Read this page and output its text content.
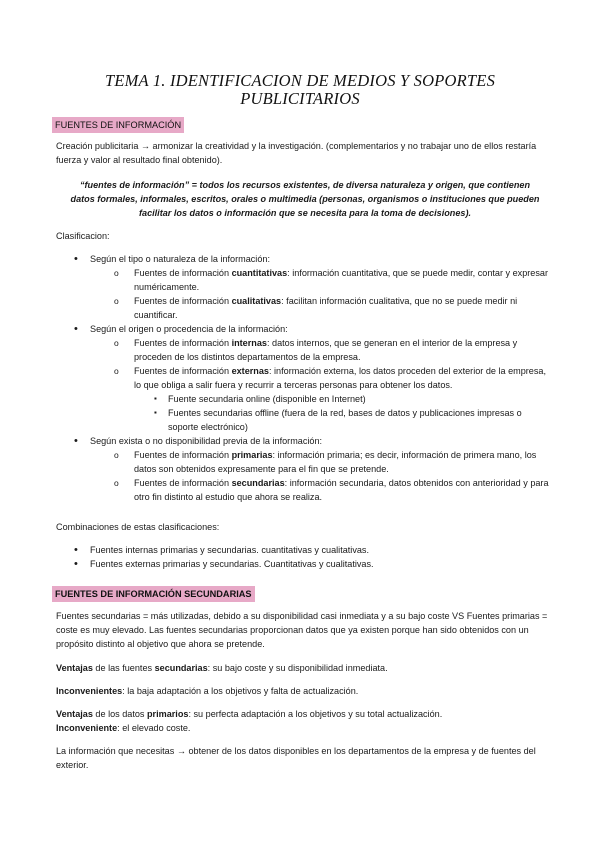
TEMA 1. IDENTIFICACION DE MEDIOS Y SOPORTES PUBLICITARIOS
FUENTES DE INFORMACIÓN
Creación publicitaria → armonizar la creatividad y la investigación. (complementarios y no trabajar uno de ellos restaría fuerza y valor al resultado final obtenido).
“fuentes de información” = todos los recursos existentes, de diversa naturaleza y origen, que contienen datos formales, informales, escritos, orales o multimedia (personas, organismos o instituciones que pueden facilitar los datos o información que se necesita para la toma de decisiones).
Clasificacion:
• Según el tipo o naturaleza de la información:
o Fuentes de información cuantitativas: información cuantitativa, que se puede medir, contar y expresar numéricamente.
o Fuentes de información cualitativas: facilitan información cualitativa, que no se puede medir ni cuantificar.
• Según el origen o procedencia de la información:
o Fuentes de información internas: datos internos, que se generan en el interior de la empresa y proceden de los distintos departamentos de la empresa.
o Fuentes de información externas: información externa, los datos proceden del exterior de la empresa, lo que obliga a salir fuera y recurrir a terceras personas para obtener los datos.
▪ Fuente secundaria online (disponible en Internet)
▪ Fuentes secundarias offline (fuera de la red, bases de datos y publicaciones impresas o soporte electrónico)
• Según exista o no disponibilidad previa de la información:
o Fuentes de información primarias: información primaria; es decir, información de primera mano, los datos son obtenidos expresamente para el fin que se pretende.
o Fuentes de información secundarias: información secundaria, datos obtenidos con anterioridad y para otro fin distinto al estudio que ahora se realiza.
Combinaciones de estas clasificaciones:
• Fuentes internas primarias y secundarias. cuantitativas y cualitativas.
• Fuentes externas primarias y secundarias. Cuantitativas y cualitativas.
FUENTES DE INFORMACIÓN SECUNDARIAS
Fuentes secundarias = más utilizadas, debido a su disponibilidad casi inmediata y a su bajo coste VS Fuentes primarias = coste es muy elevado. Las fuentes secundarias proporcionan datos que ya existen porque han sido obtenidos con un propósito distinto al objetivo que ahora se pretende.
Ventajas de las fuentes secundarias: su bajo coste y su disponibilidad inmediata.
Inconvenientes: la baja adaptación a los objetivos y falta de actualización.
Ventajas de los datos primarios: su perfecta adaptación a los objetivos y su total actualización.
Inconveniente: el elevado coste.
La información que necesitas → obtener de los datos disponibles en los departamentos de la empresa y de fuentes del exterior.
